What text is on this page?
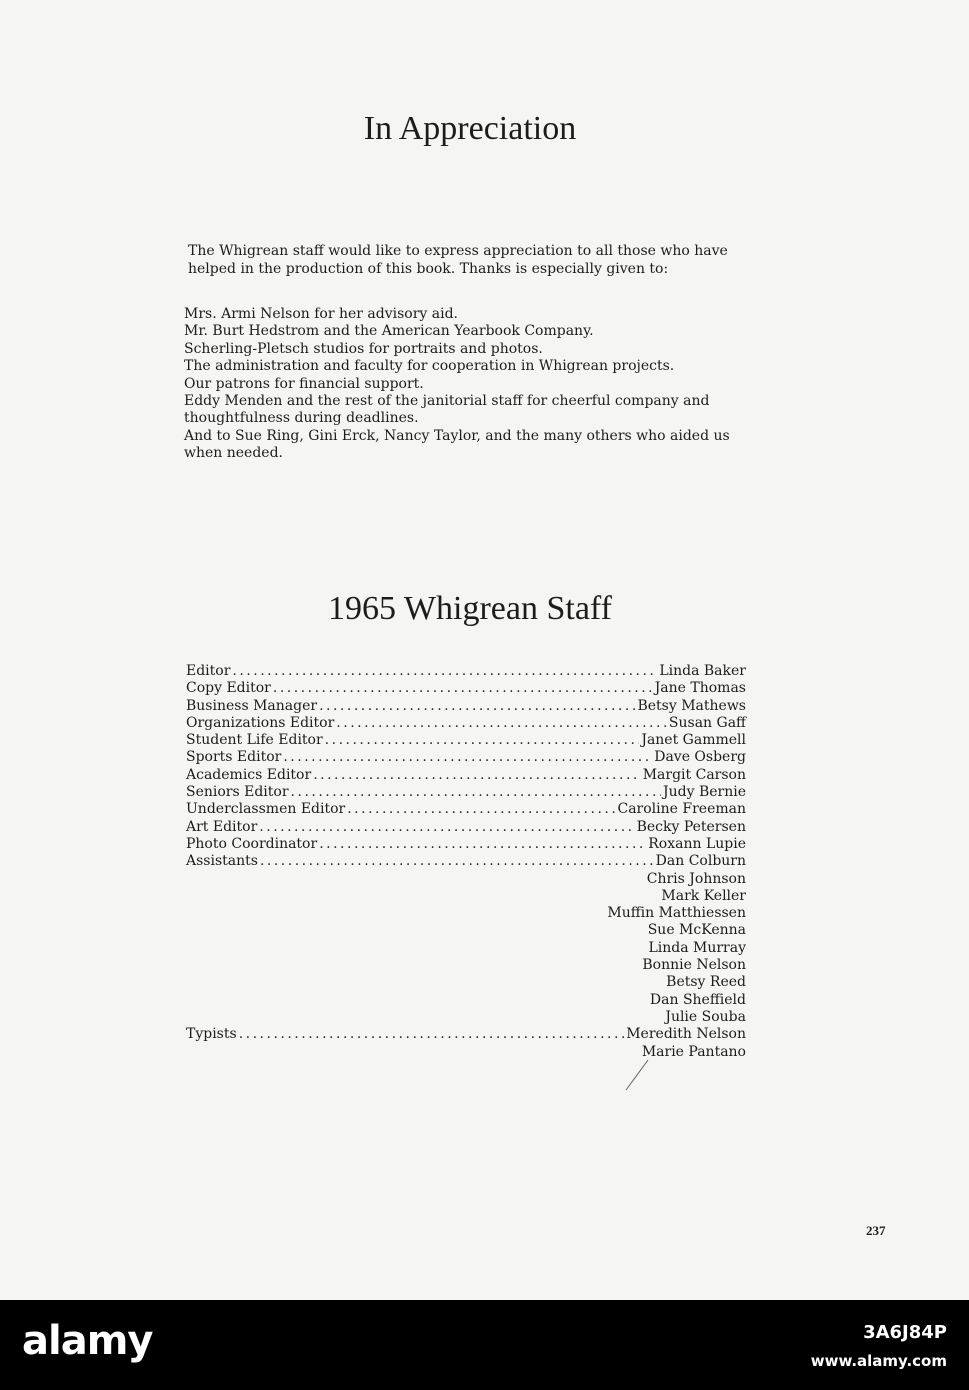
In Appreciation

The Whigrean staff would like to express appreciation to all those who have helped in the production of this book. Thanks is especially given to:

Mrs. Armi Nelson for her advisory aid.
Mr. Burt Hedstrom and the American Yearbook Company.
Scherling-Pletsch studios for portraits and photos.
The administration and faculty for cooperation in Whigrean projects.
Our patrons for financial support.
Eddy Menden and the rest of the janitorial staff for cheerful company and thoughtfulness during deadlines.
And to Sue Ring, Gini Erck, Nancy Taylor, and the many others who aided us when needed.
1965 Whigrean Staff
Editor .....	Linda Baker
Copy Editor .....	Jane Thomas
Business Manager .....	Betsy Mathews
Organizations Editor .....	Susan Gaff
Student Life Editor .....	Janet Gammell
Sports Editor .....	Dave Osberg
Academics Editor .....	Margit Carson
Seniors Editor .....	Judy Bernie
Underclassmen Editor .....	Caroline Freeman
Art Editor .....	Becky Petersen
Photo Coordinator .....	Roxann Lupie
Assistants .....	Dan Colburn
Chris Johnson
Mark Keller
Muffin Matthiessen
Sue McKenna
Linda Murray
Bonnie Nelson
Betsy Reed
Dan Sheffield
Julie Souba
Typists .....	Meredith Nelson
Marie Pantano
237
alamy	3A6J84P
www.alamy.com
